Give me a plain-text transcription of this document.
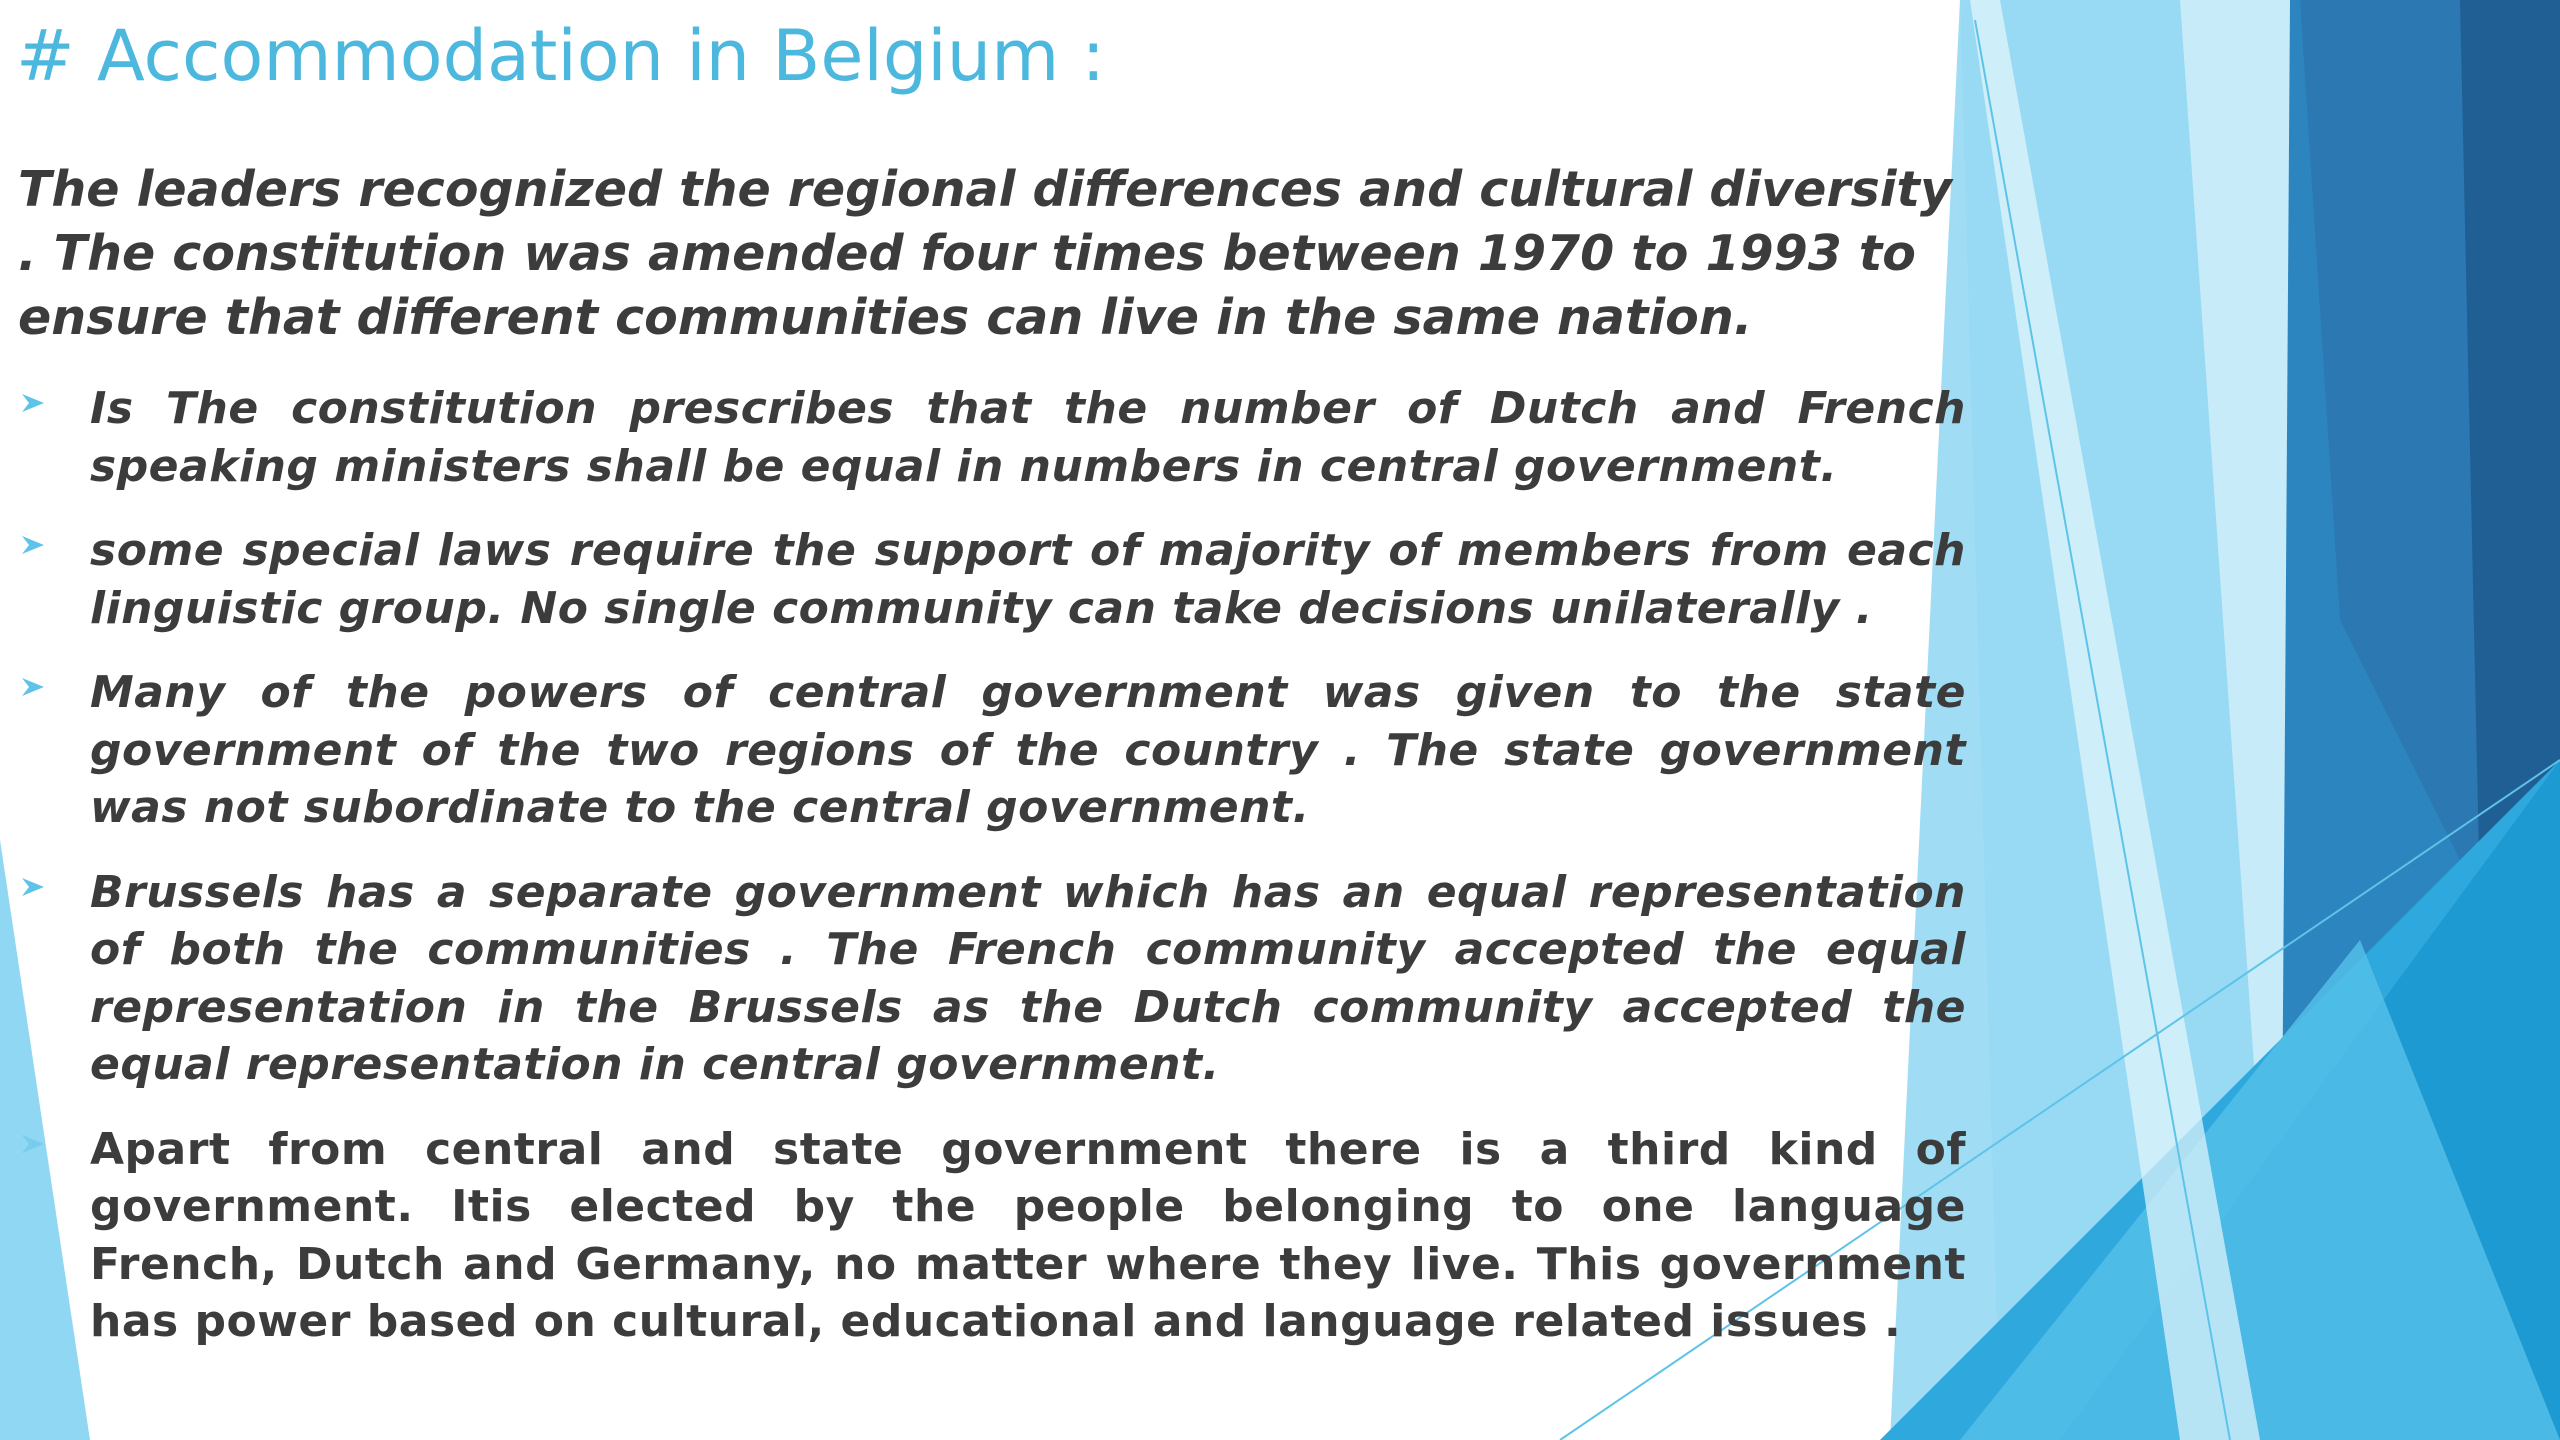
# Accommodation in Belgium :

The leaders recognized the regional differences and cultural diversity . The constitution was amended four times between 1970 to 1993 to ensure that different communities can live in the same nation.

Is The constitution prescribes that the number of Dutch and French speaking ministers shall be equal in numbers in central government.
some special laws require the support of majority of members from each linguistic group. No single community can take decisions unilaterally .
Many of the powers of central government was given to the state government of the two regions of the country . The state government was not subordinate to the central government.
Brussels has a separate government which has an equal representation of both the communities . The French community accepted the equal representation in the Brussels as the Dutch community accepted the equal representation in central government.
Apart from central and state government there is a third kind of government. Itis elected by the people belonging to one language French, Dutch and Germany, no matter where they live. This government has power based on cultural, educational and language related issues .
